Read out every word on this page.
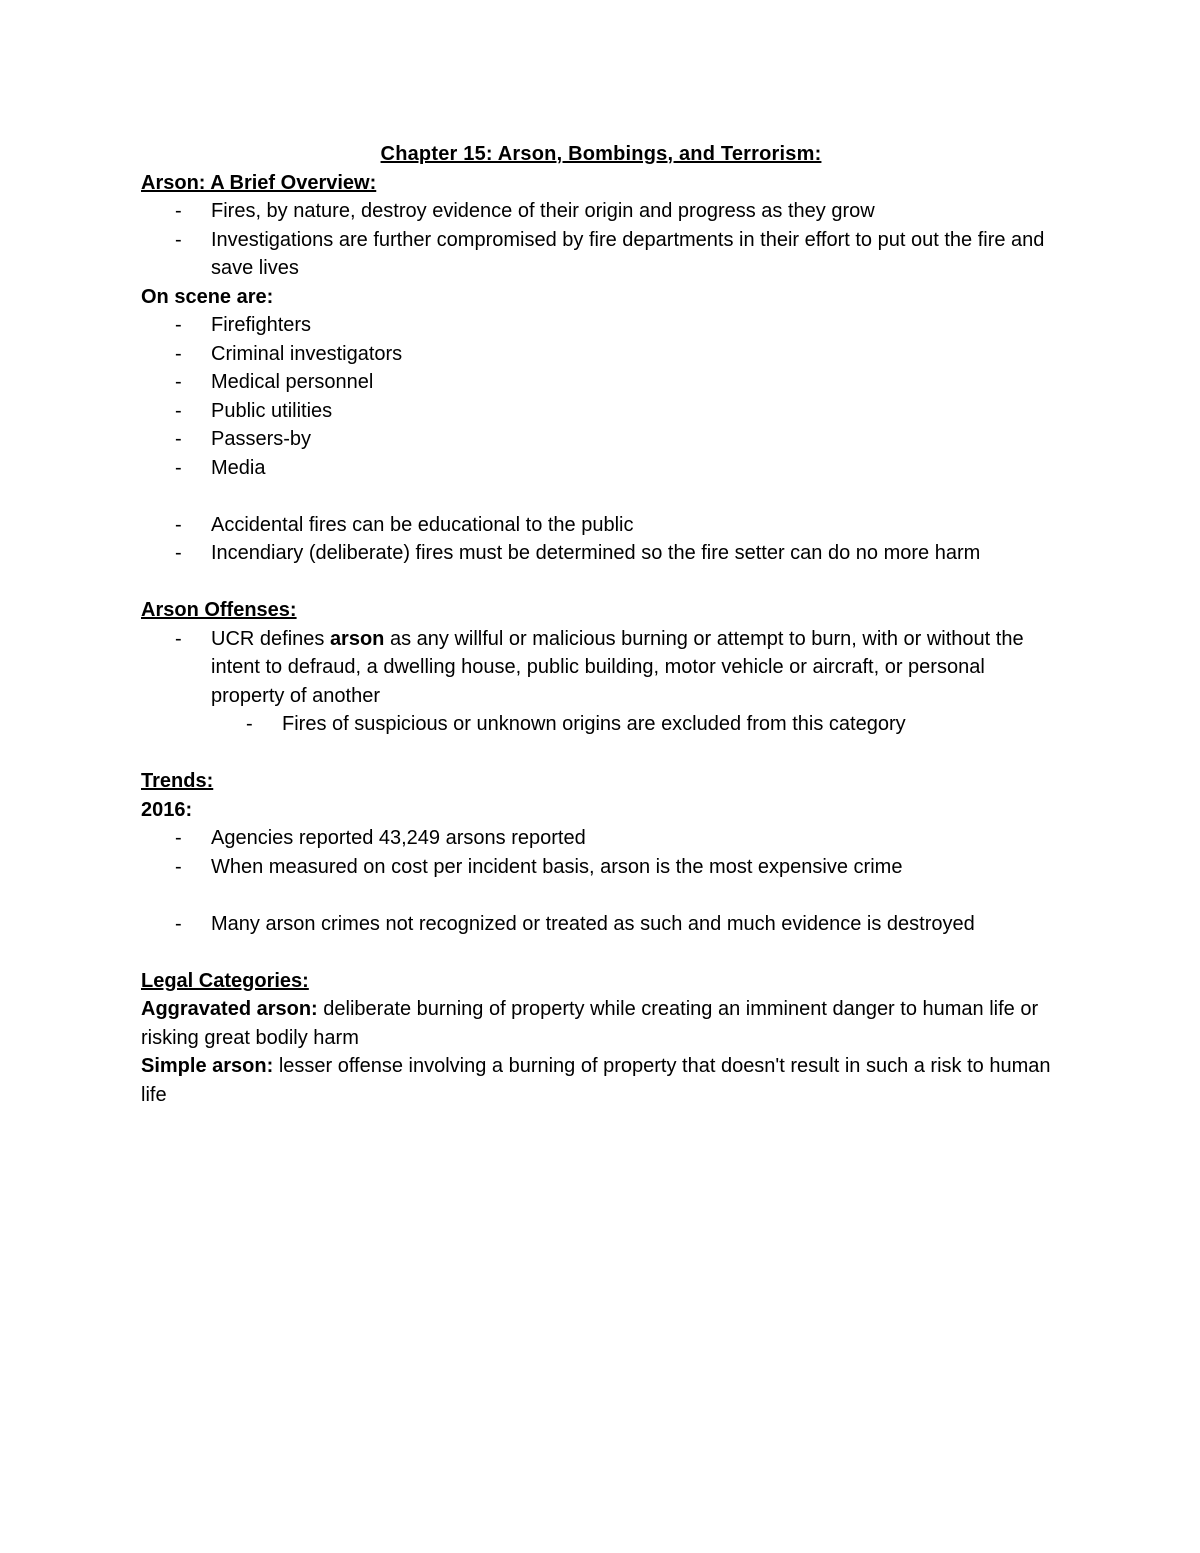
Chapter 15: Arson, Bombings, and Terrorism:
Arson: A Brief Overview:
- Fires, by nature, destroy evidence of their origin and progress as they grow
- Investigations are further compromised by fire departments in their effort to put out the fire and save lives
On scene are:
- Firefighters
- Criminal investigators
- Medical personnel
- Public utilities
- Passers-by
- Media
- Accidental fires can be educational to the public
- Incendiary (deliberate) fires must be determined so the fire setter can do no more harm
Arson Offenses:
- UCR defines arson as any willful or malicious burning or attempt to burn, with or without the intent to defraud, a dwelling house, public building, motor vehicle or aircraft, or personal property of another
- Fires of suspicious or unknown origins are excluded from this category
Trends:
2016:
- Agencies reported 43,249 arsons reported
- When measured on cost per incident basis, arson is the most expensive crime
- Many arson crimes not recognized or treated as such and much evidence is destroyed
Legal Categories:
Aggravated arson: deliberate burning of property while creating an imminent danger to human life or risking great bodily harm
Simple arson: lesser offense involving a burning of property that doesn't result in such a risk to human life
